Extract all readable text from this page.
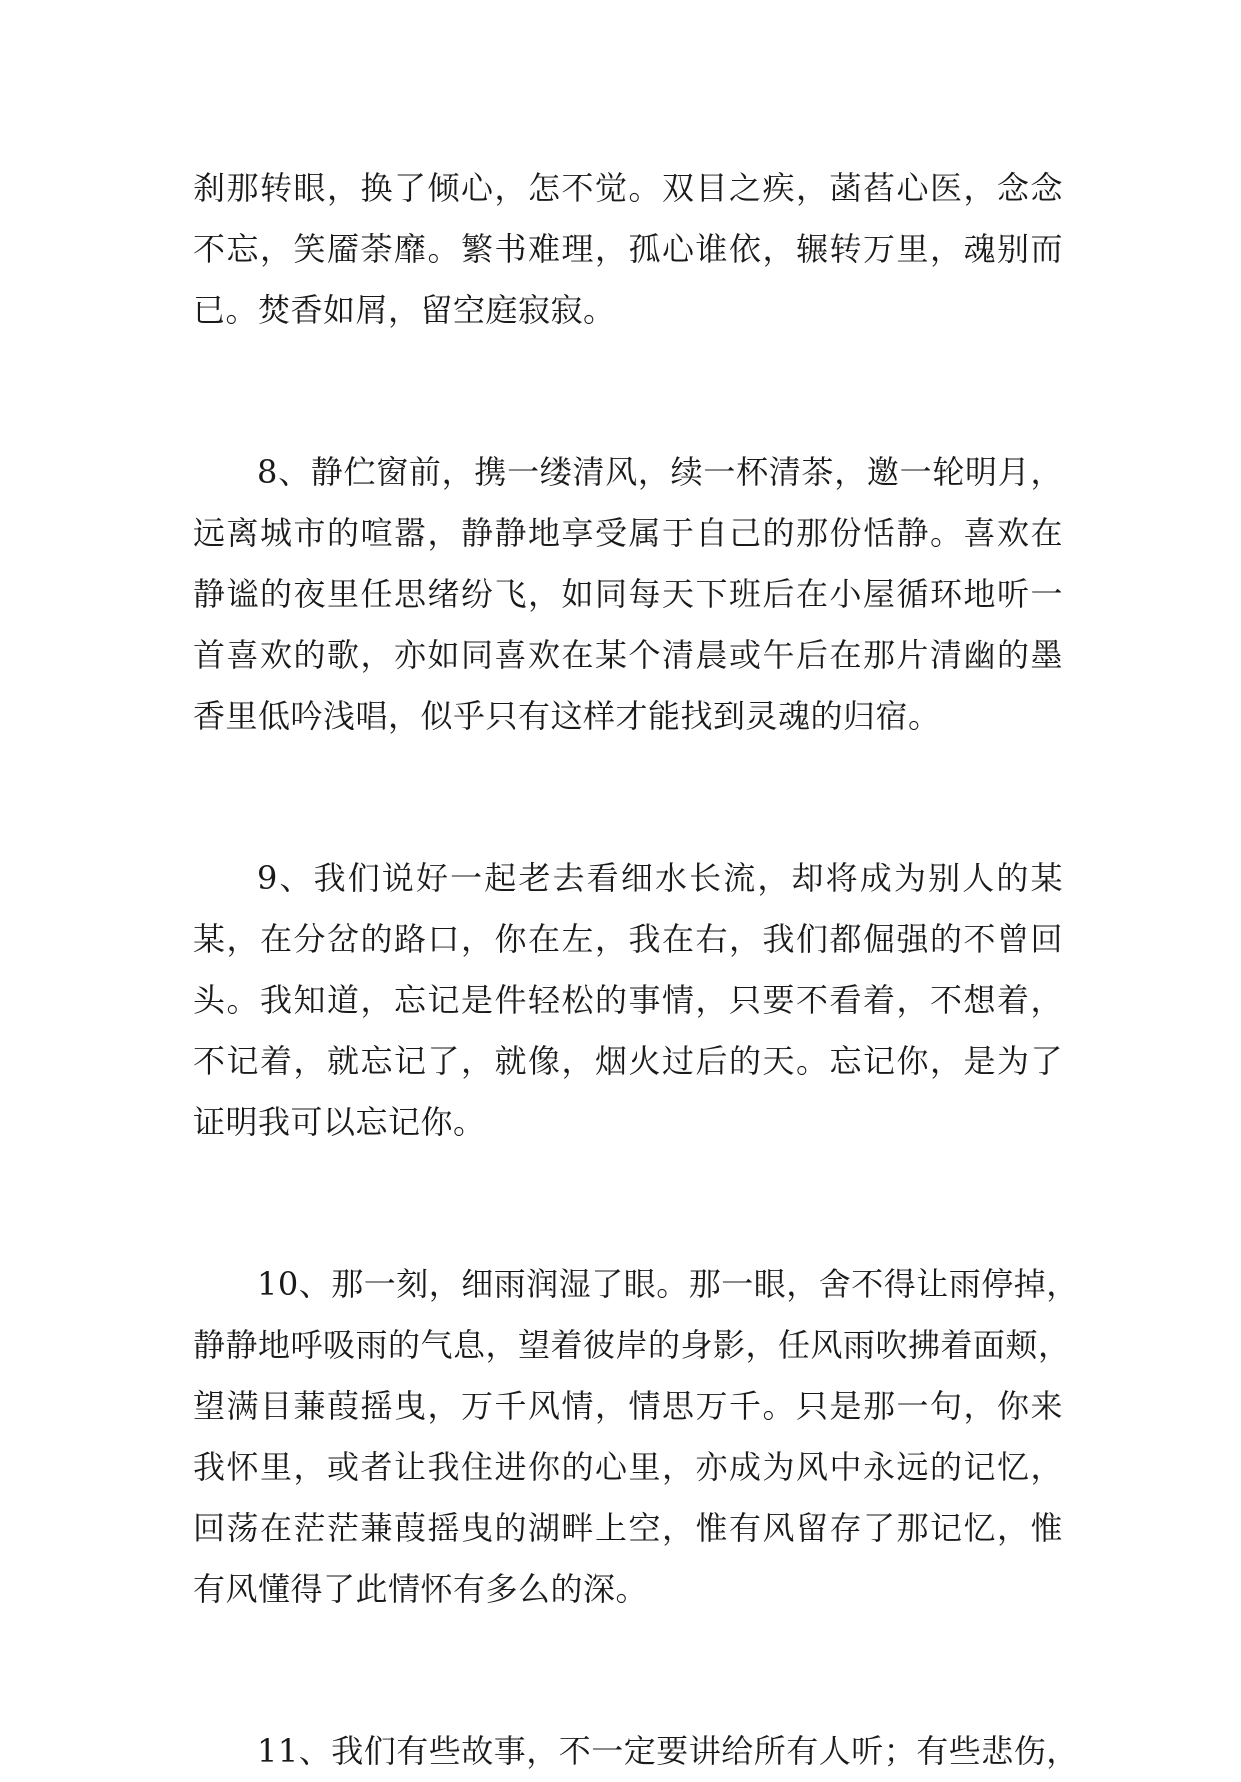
刹那转眼，换了倾心，怎不觉。双目之疾，菡萏心医，念念
不忘，笑靥荼靡。繁书难理，孤心谁依，辗转万里，魂别而
已。焚香如屑，留空庭寂寂。
8、静伫窗前，携一缕清风，续一杯清茶，邀一轮明月，
远离城市的喧嚣，静静地享受属于自己的那份恬静。喜欢在
静谧的夜里任思绪纷飞，如同每天下班后在小屋循环地听一
首喜欢的歌，亦如同喜欢在某个清晨或午后在那片清幽的墨
香里低吟浅唱，似乎只有这样才能找到灵魂的归宿。
9、我们说好一起老去看细水长流，却将成为别人的某
某，在分岔的路口，你在左，我在右，我们都倔强的不曾回
头。我知道，忘记是件轻松的事情，只要不看着，不想着，
不记着，就忘记了，就像，烟火过后的天。忘记你，是为了
证明我可以忘记你。
10、那一刻，细雨润湿了眼。那一眼，舍不得让雨停掉，
静静地呼吸雨的气息，望着彼岸的身影，任风雨吹拂着面颊，
望满目蒹葭摇曳，万千风情，情思万千。只是那一句，你来
我怀里，或者让我住进你的心里，亦成为风中永远的记忆，
回荡在茫茫蒹葭摇曳的湖畔上空，惟有风留存了那记忆，惟
有风懂得了此情怀有多么的深。
11、我们有些故事，不一定要讲给所有人听；有些悲伤，
